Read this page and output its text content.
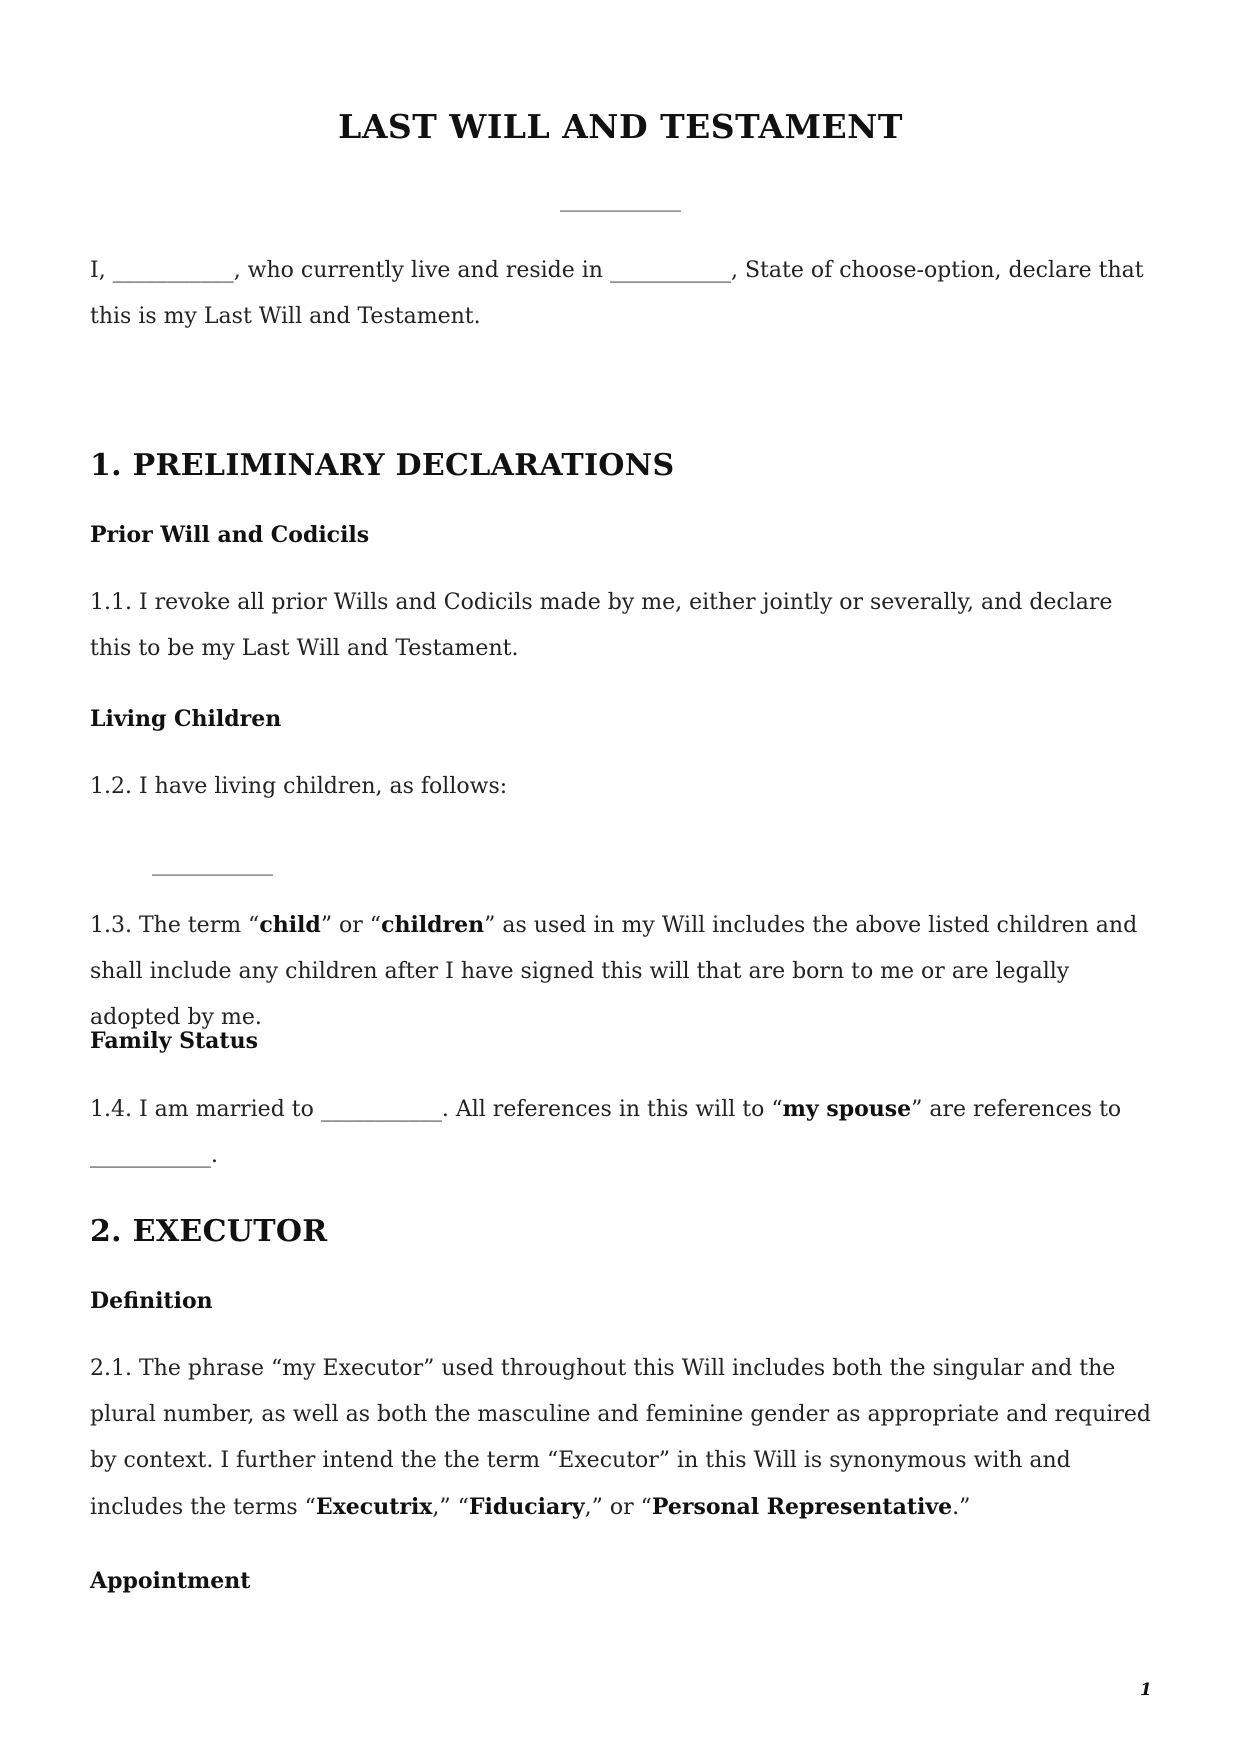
LAST WILL AND TESTAMENT
___________

I, ___________, who currently live and reside in ___________, State of choose-option, declare that this is my Last Will and Testament.

1. PRELIMINARY DECLARATIONS
Prior Will and Codicils

1.1. I revoke all prior Wills and Codicils made by me, either jointly or severally, and declare this to be my Last Will and Testament.

Living Children

1.2. I have living children, as follows:

___________

1.3. The term “child” or “children” as used in my Will includes the above listed children and shall include any children after I have signed this will that are born to me or are legally adopted by me.

Family Status

1.4. I am married to ___________. All references in this will to “my spouse” are references to ___________.

2. EXECUTOR
Definition

2.1. The phrase “my Executor” used throughout this Will includes both the singular and the plural number, as well as both the masculine and feminine gender as appropriate and required by context. I further intend the the term “Executor” in this Will is synonymous with and includes the terms “Executrix,” “Fiduciary,” or “Personal Representative.”

Appointment
1
